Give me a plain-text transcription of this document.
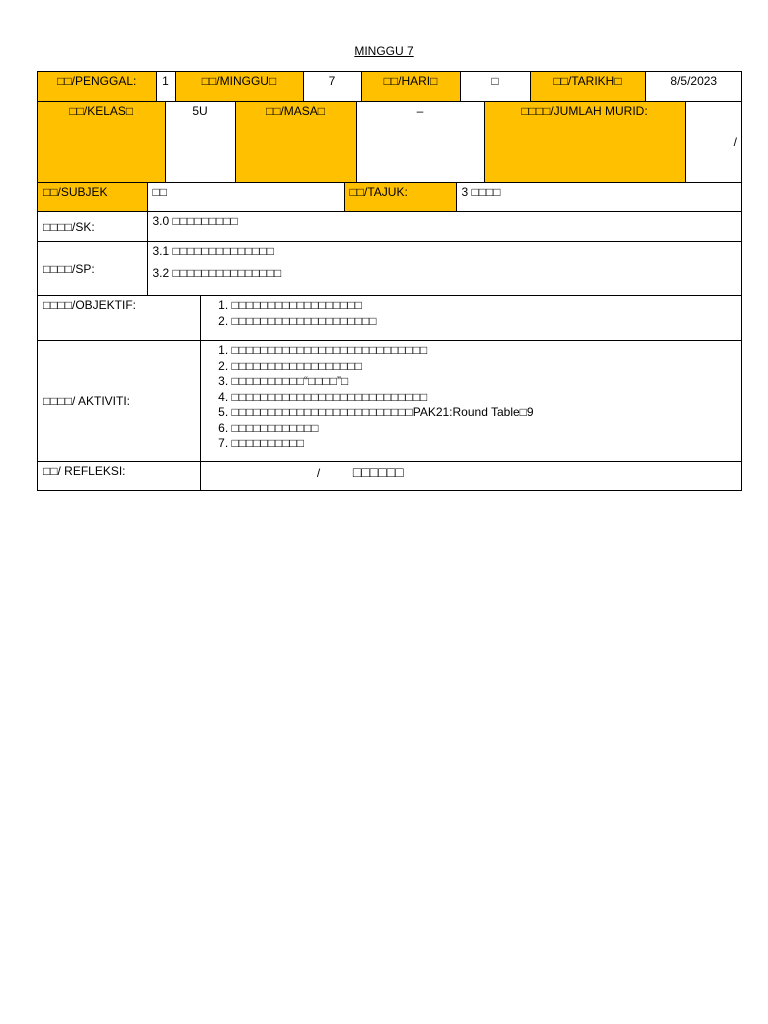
MINGGU 7
□□/PENGGAL:	1	□□/MINGGU□	7	□□/HARI□	□	□□/TARIKH□	8/5/2023

□□/KELAS□	5U	□□/MASA□	–	□□□□/JUMLAH MURID:	/

□□/SUBJEK	□□	□□/TAJUK:	3 □□□□

□□□□/SK:	3.0 □□□□□□□□□

□□□□/SP:	

3.1 □□□□□□□□□□□□□□

3.2 □□□□□□□□□□□□□□□

□□□□/OBJEKTIF:	
1.□□□□□□□□□□□□□□□□□□
2. □□□□□□□□□□□□□□□□□□□□

□□□□/ AKTIVITI:	
1. □□□□□□□□□□□□□□□□□□□□□□□□□□□
2. □□□□□□□□□□□□□□□□□□
3. □□□□□□□□□□“□□□□”□
4. □□□□□□□□□□□□□□□□□□□□□□□□□□□
5. □□□□□□□□□□□□□□□□□□□□□□□□□PAK21:Round Table□9
6. □□□□□□□□□□□□
7. □□□□□□□□□□

□□/ REFLEKSI:	/ □□□□□□
